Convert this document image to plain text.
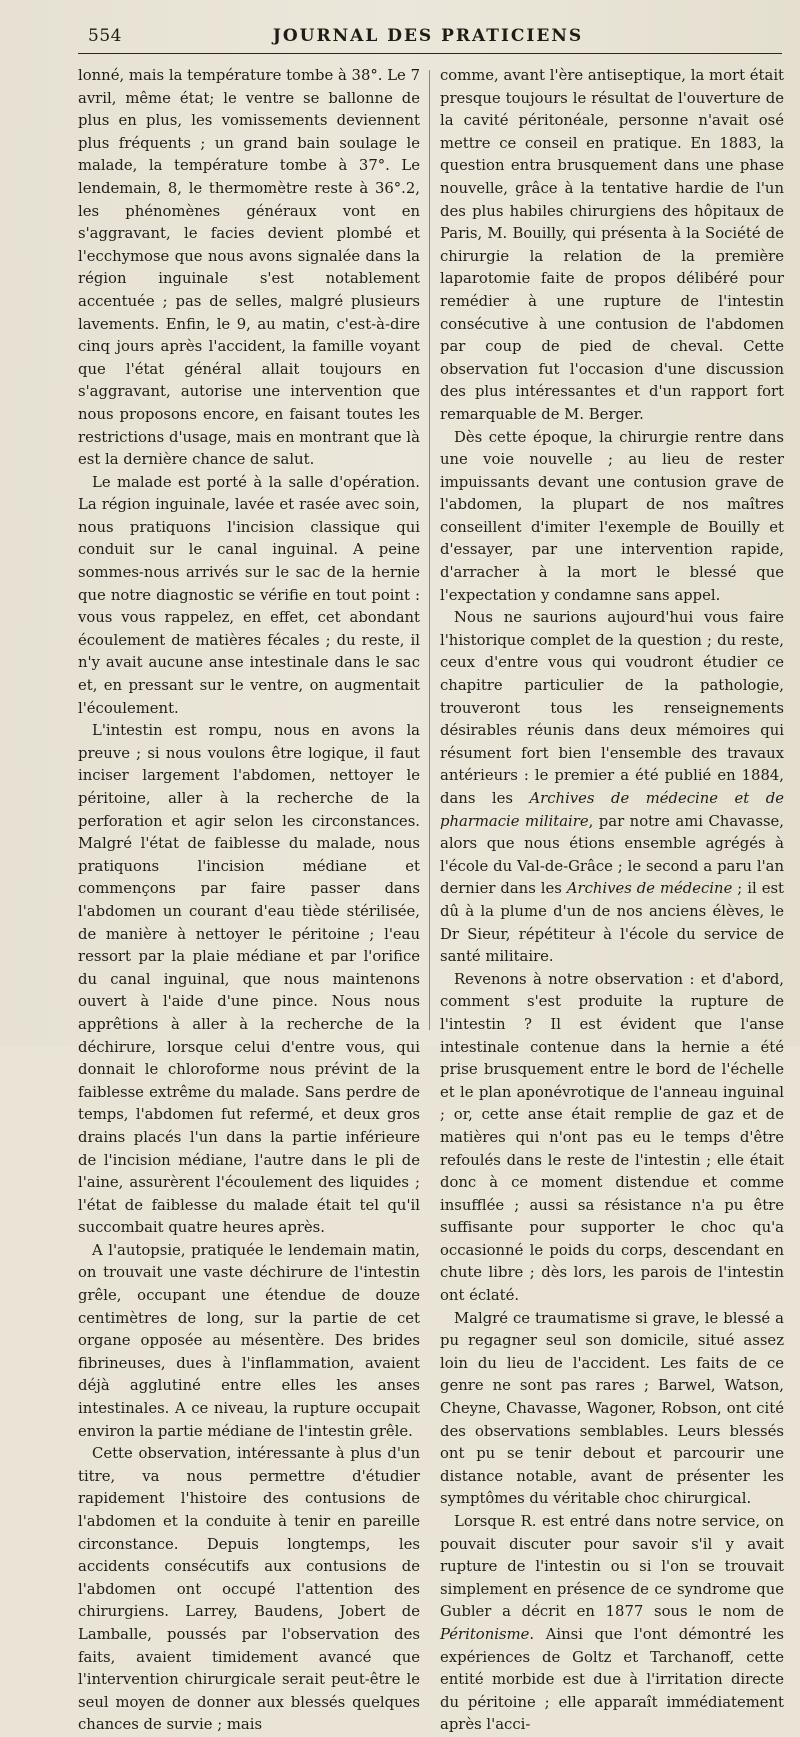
554	JOURNAL DES PRATICIENS

lonné, mais la température tombe à 38°. Le 7 avril, même état; le ventre se ballonne de plus en plus, les vomissements deviennent plus fréquents ; un grand bain soulage le malade, la température tombe à 37°. Le lendemain, 8, le thermomètre reste à 36°.2, les phénomènes généraux vont en s'aggravant, le facies devient plombé et l'ecchymose que nous avons signalée dans la région inguinale s'est notablement accentuée ; pas de selles, malgré plusieurs lavements. Enfin, le 9, au matin, c'est-à-dire cinq jours après l'accident, la famille voyant que l'état général allait toujours en s'aggravant, autorise une intervention que nous proposons encore, en faisant toutes les restrictions d'usage, mais en montrant que là est la dernière chance de salut.

Le malade est porté à la salle d'opération. La région inguinale, lavée et rasée avec soin, nous pratiquons l'incision classique qui conduit sur le canal inguinal. A peine sommes-nous arrivés sur le sac de la hernie que notre diagnostic se vérifie en tout point : vous vous rappelez, en effet, cet abondant écoulement de matières fécales ; du reste, il n'y avait aucune anse intestinale dans le sac et, en pressant sur le ventre, on augmentait l'écoulement.

L'intestin est rompu, nous en avons la preuve ; si nous voulons être logique, il faut inciser largement l'abdomen, nettoyer le péritoine, aller à la recherche de la perforation et agir selon les circonstances. Malgré l'état de faiblesse du malade, nous pratiquons l'incision médiane et commençons par faire passer dans l'abdomen un courant d'eau tiède stérilisée, de manière à nettoyer le péritoine ; l'eau ressort par la plaie médiane et par l'orifice du canal inguinal, que nous maintenons ouvert à l'aide d'une pince. Nous nous apprêtions à aller à la recherche de la déchirure, lorsque celui d'entre vous, qui donnait le chloroforme nous prévint de la faiblesse extrême du malade. Sans perdre de temps, l'abdomen fut refermé, et deux gros drains placés l'un dans la partie inférieure de l'incision médiane, l'autre dans le pli de l'aine, assurèrent l'écoulement des liquides ; l'état de faiblesse du malade était tel qu'il succombait quatre heures après.

A l'autopsie, pratiquée le lendemain matin, on trouvait une vaste déchirure de l'intestin grêle, occupant une étendue de douze centimètres de long, sur la partie de cet organe opposée au mésentère. Des brides fibrineuses, dues à l'inflammation, avaient déjà agglutiné entre elles les anses intestinales. A ce niveau, la rupture occupait environ la partie médiane de l'intestin grêle.

Cette observation, intéressante à plus d'un titre, va nous permettre d'étudier rapidement l'histoire des contusions de l'abdomen et la conduite à tenir en pareille circonstance. Depuis longtemps, les accidents consécutifs aux contusions de l'abdomen ont occupé l'attention des chirurgiens. Larrey, Baudens, Jobert de Lamballe, poussés par l'observation des faits, avaient timidement avancé que l'intervention chirurgicale serait peut-être le seul moyen de donner aux blessés quelques chances de survie ; mais

comme, avant l'ère antiseptique, la mort était presque toujours le résultat de l'ouverture de la cavité péritonéale, personne n'avait osé mettre ce conseil en pratique. En 1883, la question entra brusquement dans une phase nouvelle, grâce à la tentative hardie de l'un des plus habiles chirurgiens des hôpitaux de Paris, M. Bouilly, qui présenta à la Société de chirurgie la relation de la première laparotomie faite de propos délibéré pour remédier à une rupture de l'intestin consécutive à une contusion de l'abdomen par coup de pied de cheval. Cette observation fut l'occasion d'une discussion des plus intéressantes et d'un rapport fort remarquable de M. Berger.

Dès cette époque, la chirurgie rentre dans une voie nouvelle ; au lieu de rester impuissants devant une contusion grave de l'abdomen, la plupart de nos maîtres conseillent d'imiter l'exemple de Bouilly et d'essayer, par une intervention rapide, d'arracher à la mort le blessé que l'expectation y condamne sans appel.

Nous ne saurions aujourd'hui vous faire l'historique complet de la question ; du reste, ceux d'entre vous qui voudront étudier ce chapitre particulier de la pathologie, trouveront tous les renseignements désirables réunis dans deux mémoires qui résument fort bien l'ensemble des travaux antérieurs : le premier a été publié en 1884, dans les Archives de médecine et de pharmacie militaire, par notre ami Chavasse, alors que nous étions ensemble agrégés à l'école du Val-de-Grâce ; le second a paru l'an dernier dans les Archives de médecine ; il est dû à la plume d'un de nos anciens élèves, le Dr Sieur, répétiteur à l'école du service de santé militaire.

Revenons à notre observation : et d'abord, comment s'est produite la rupture de l'intestin ? Il est évident que l'anse intestinale contenue dans la hernie a été prise brusquement entre le bord de l'échelle et le plan aponévrotique de l'anneau inguinal ; or, cette anse était remplie de gaz et de matières qui n'ont pas eu le temps d'être refoulés dans le reste de l'intestin ; elle était donc à ce moment distendue et comme insufflée ; aussi sa résistance n'a pu être suffisante pour supporter le choc qu'a occasionné le poids du corps, descendant en chute libre ; dès lors, les parois de l'intestin ont éclaté.

Malgré ce traumatisme si grave, le blessé a pu regagner seul son domicile, situé assez loin du lieu de l'accident. Les faits de ce genre ne sont pas rares ; Barwel, Watson, Cheyne, Chavasse, Wagoner, Robson, ont cité des observations semblables. Leurs blessés ont pu se tenir debout et parcourir une distance notable, avant de présenter les symptômes du véritable choc chirurgical.

Lorsque R. est entré dans notre service, on pouvait discuter pour savoir s'il y avait rupture de l'intestin ou si l'on se trouvait simplement en présence de ce syndrome que Gubler a décrit en 1877 sous le nom de Péritonisme. Ainsi que l'ont démontré les expériences de Goltz et Tarchanoff, cette entité morbide est due à l'irritation directe du péritoine ; elle apparaît immédiatement après l'acci-
